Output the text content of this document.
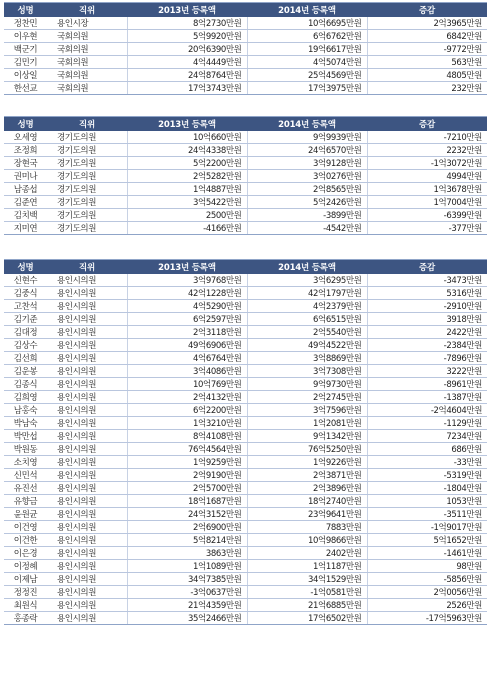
성명	직위	2013년 등록액	2014년 등록액	증감
정찬민	용인시장	8억2730만원	10억6695만원	2억3965만원
이우현	국회의원	5억9920만원	6억6762만원	6842만원
백군기	국회의원	20억6390만원	19억6617만원	-9772만원
김민기	국회의원	4억4449만원	4억5074만원	563만원
이상일	국회의원	24억8764만원	25억4569만원	4805만원
한선교	국회의원	17억3743만원	17억3975만원	232만원
성명	직위	2013년 등록액	2014년 등록액	증감
오세영	경기도의원	10억660만원	9억9939만원	-7210만원
조정희	경기도의원	24억4338만원	24억6570만원	2232만원
장현국	경기도의원	5억2200만원	3억9128만원	-1억3072만원
권미나	경기도의원	2억5282만원	3억0276만원	4994만원
남종섭	경기도의원	1억4887만원	2억8565만원	1억3678만원
김준연	경기도의원	3억5422만원	5억2426만원	1억7004만원
김치백	경기도의원	2500만원	-3899만원	-6399만원
지미연	경기도의원	-4166만원	-4542만원	-377만원
성명	직위	2013년 등록액	2014년 등록액	증감
신현수	용인시의원	3억9768만원	3억6295만원	-3473만원
김중식	용인시의원	42억1228만원	42억1797만원	5316만원
고찬석	용인시의원	4억5290만원	4억2379만원	-2910만원
김기준	용인시의원	6억2597만원	6억6515만원	3918만원
김대정	용인시의원	2억3118만원	2억5540만원	2422만원
김상수	용인시의원	49억6906만원	49억4522만원	-2384만원
김선희	용인시의원	4억6764만원	3억8869만원	-7896만원
김운봉	용인시의원	3억4086만원	3억7308만원	3222만원
김종식	용인시의원	10억769만원	9억9730만원	-8961만원
김희영	용인시의원	2억4132만원	2억2745만원	-1387만원
남홍숙	용인시의원	6억2200만원	3억7596만원	-2억4604만원
박남숙	용인시의원	1억3210만원	1억2081만원	-1129만원
박만섭	용인시의원	8억4108만원	9억1342만원	7234만원
박원동	용인시의원	76억4564만원	76억5250만원	686만원
소치영	용인시의원	1억9259만원	1억9226만원	-33만원
신민석	용인시의원	2억9190만원	2억3871만원	-5319만원
유진선	용인시의원	2억5700만원	2억3896만원	-1804만원
유향금	용인시의원	18억1687만원	18억2740만원	1053만원
윤원균	용인시의원	24억3152만원	23억9641만원	-3511만원
이건영	용인시의원	2억6900만원	7883만원	-1억9017만원
이건한	용인시의원	5억8214만원	10억9866만원	5억1652만원
이은경	용인시의원	3863만원	2402만원	-1461만원
이정혜	용인시의원	1억1089만원	1억1187만원	98만원
이제남	용인시의원	34억7385만원	34억1529만원	-5856만원
정정진	용인시의원	-3억0637만원	-1억0581만원	2억0056만원
최원식	용인시의원	21억4359만원	21억6885만원	2526만원
홍종락	용인시의원	35억2466만원	17억6502만원	-17억5963만원
